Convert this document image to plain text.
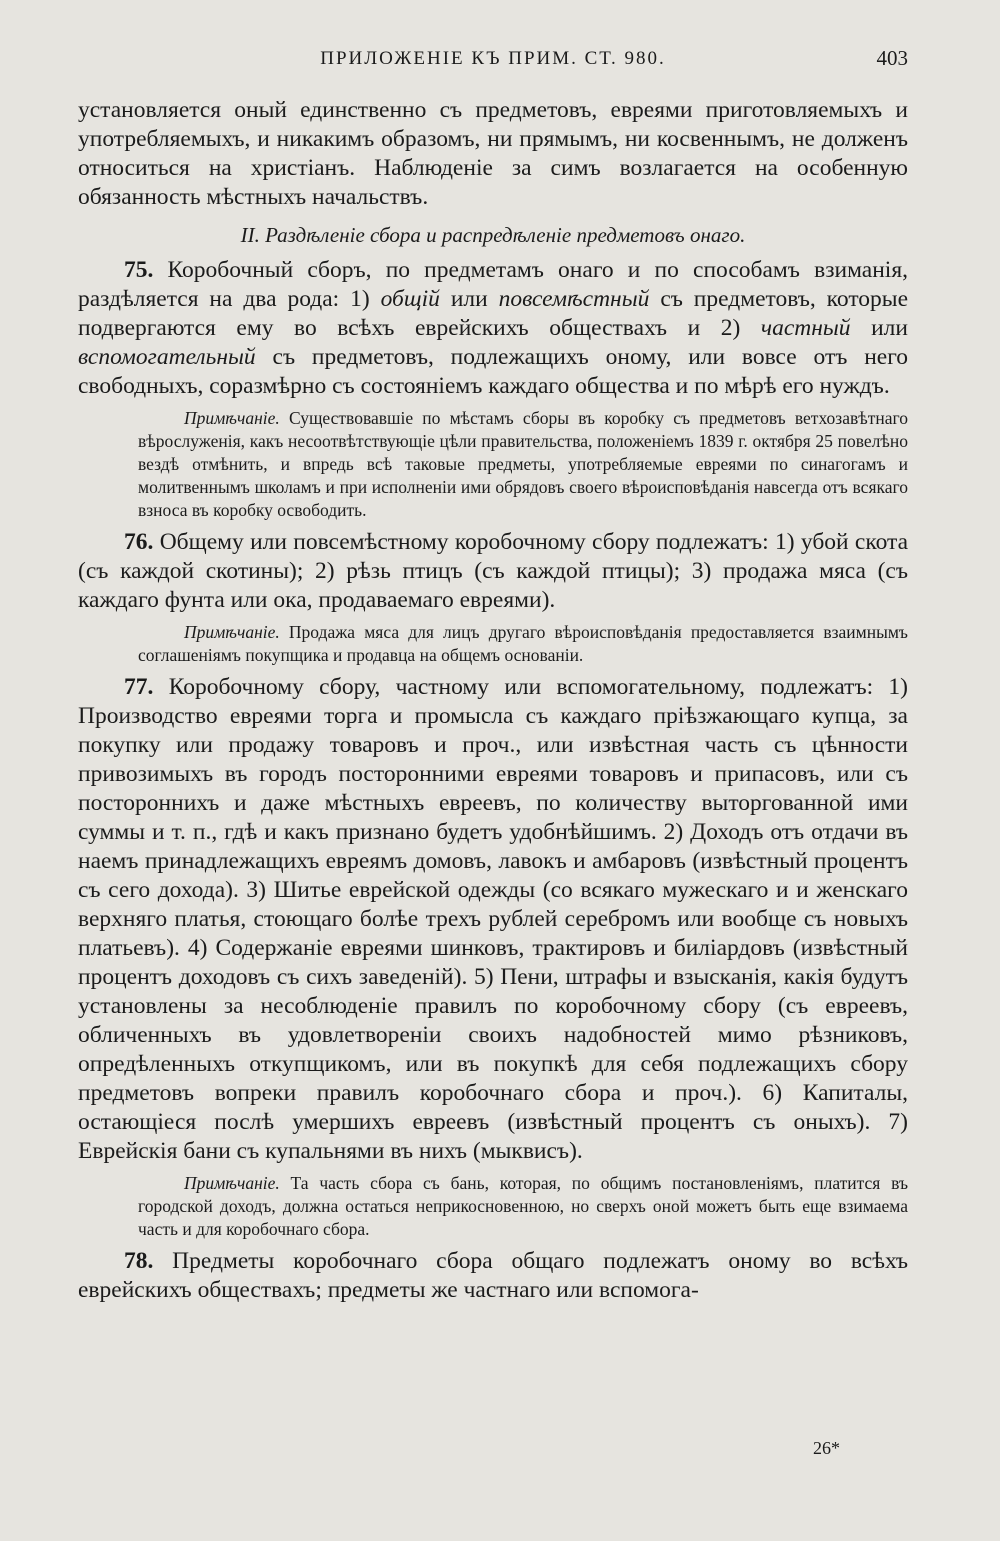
ПРИЛОЖЕНІЕ КЪ ПРИМ. СТ. 980.	403

установляется оный единственно съ предметовъ, евреями приготовляемыхъ и употребляемыхъ, и никакимъ образомъ, ни прямымъ, ни косвеннымъ, не долженъ относиться на христіанъ. Наблюденіе за симъ возлагается на особенную обязанность мѣстныхъ начальствъ.

II. Раздѣленіе сбора и распредѣленіе предметовъ онаго.

75. Коробочный сборъ, по предметамъ онаго и по способамъ взиманія, раздѣляется на два рода: 1) общій или повсемѣстный съ предметовъ, которые подвергаются ему во всѣхъ еврейскихъ обществахъ и 2) частный или вспомогательный съ предметовъ, подлежащихъ оному, или вовсе отъ него свободныхъ, соразмѣрно съ состояніемъ каждаго общества и по мѣрѣ его нуждъ.

Примѣчаніе. Существовавшіе по мѣстамъ сборы въ коробку съ предметовъ ветхозавѣтнаго вѣрослуженія, какъ несоотвѣтствующіе цѣли правительства, положеніемъ 1839 г. октября 25 повелѣно вездѣ отмѣнить, и впредь всѣ таковые предметы, употребляемые евреями по синагогамъ и молитвеннымъ школамъ и при исполненіи ими обрядовъ своего вѣроисповѣданія навсегда отъ всякаго взноса въ коробку освободить.

76. Общему или повсемѣстному коробочному сбору подлежатъ: 1) убой скота (съ каждой скотины); 2) рѣзь птицъ (съ каждой птицы); 3) продажа мяса (съ каждаго фунта или ока, продаваемаго евреями).

Примѣчаніе. Продажа мяса для лицъ другаго вѣроисповѣданія предоставляется взаимнымъ соглашеніямъ покупщика и продавца на общемъ основаніи.

77. Коробочному сбору, частному или вспомогательному, подлежатъ: 1) Производство евреями торга и промысла съ каждаго пріѣзжающаго купца, за покупку или продажу товаровъ и проч., или извѣстная часть съ цѣнности привозимыхъ въ городъ посторонними евреями товаровъ и припасовъ, или съ постороннихъ и даже мѣстныхъ евреевъ, по количеству выторгованной ими суммы и т. п., гдѣ и какъ признано будетъ удобнѣйшимъ. 2) Доходъ отъ отдачи въ наемъ принадлежащихъ евреямъ домовъ, лавокъ и амбаровъ (извѣстный процентъ съ сего дохода). 3) Шитье еврейской одежды (со всякаго мужескаго и и женскаго верхняго платья, стоющаго болѣе трехъ рублей серебромъ или вообще съ новыхъ платьевъ). 4) Содержаніе евреями шинковъ, трактировъ и биліардовъ (извѣстный процентъ доходовъ съ сихъ заведеній). 5) Пени, штрафы и взысканія, какія будутъ установлены за несоблюденіе правилъ по коробочному сбору (съ евреевъ, обличенныхъ въ удовлетвореніи своихъ надобностей мимо рѣзниковъ, опредѣленныхъ откупщикомъ, или въ покупкѣ для себя подлежащихъ сбору предметовъ вопреки правилъ коробочнаго сбора и проч.). 6) Капиталы, остающіеся послѣ умершихъ евреевъ (извѣстный процентъ съ оныхъ). 7) Еврейскія бани съ купальнями въ нихъ (мыквисъ).

Примѣчаніе. Та часть сбора съ бань, которая, по общимъ постановленіямъ, платится въ городской доходъ, должна остаться неприкосновенною, но сверхъ оной можетъ быть еще взимаема часть и для коробочнаго сбора.

78. Предметы коробочнаго сбора общаго подлежатъ оному во всѣхъ еврейскихъ обществахъ; предметы же частнаго или вспомога-

26*
